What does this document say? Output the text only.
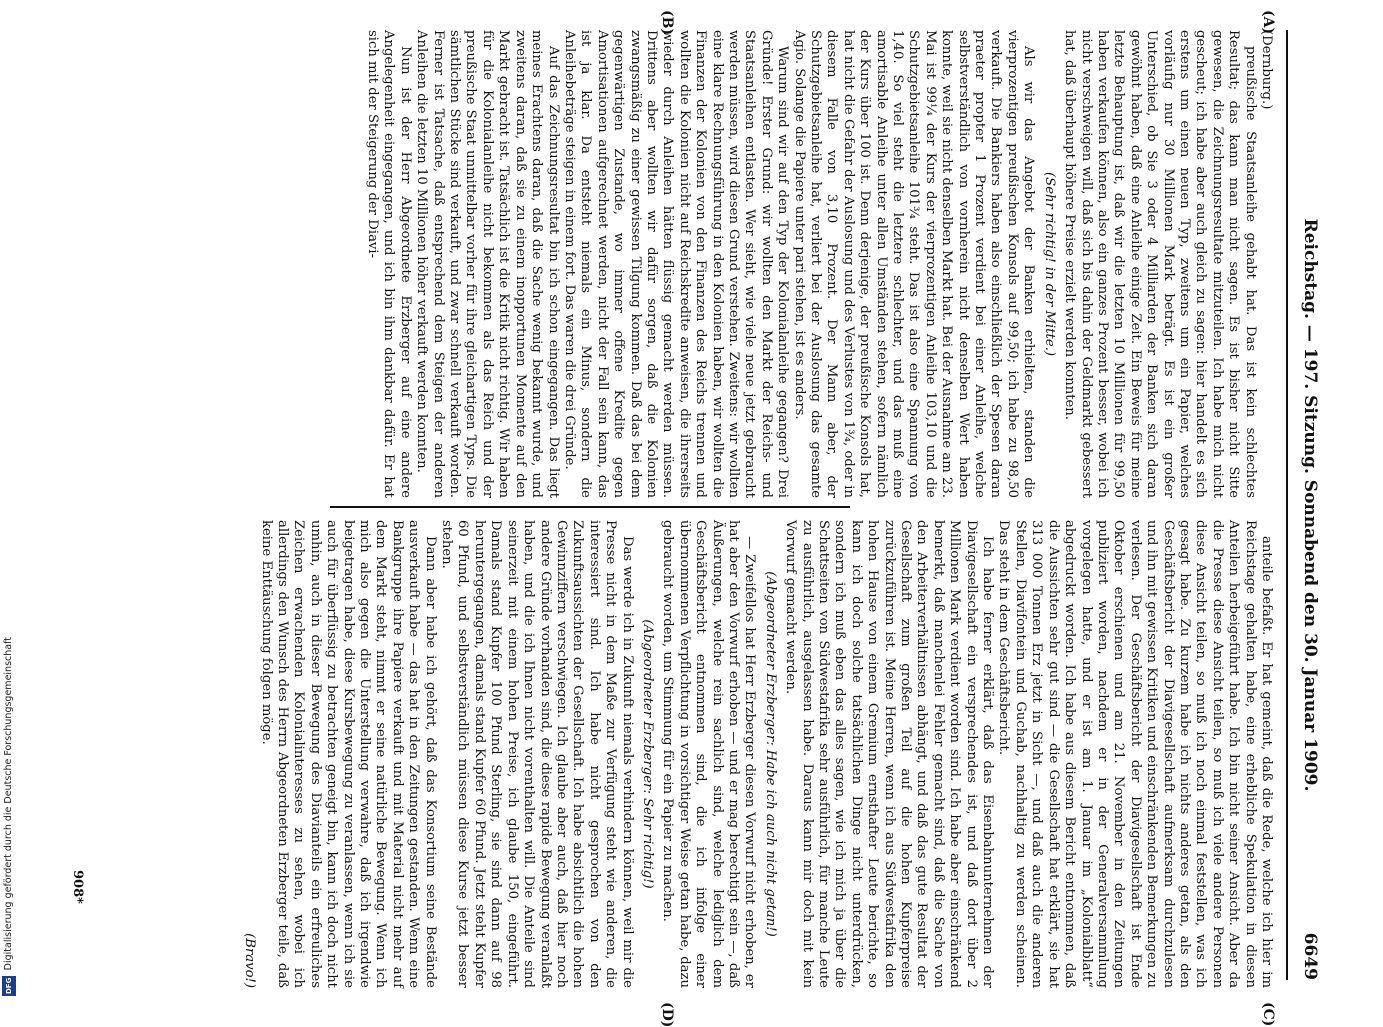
Digitalisierung gefördert durch die Deutsche Forschungsgemeinschaft
DFG
Reichstag. — 197. Sitzung. Sonnabend den 30. Januar 1909.
6649
(A)
(B)
(C)
(D)

(Dernburg.)

preußische Staatsanleihe gehabt hat. Das ist kein schlechtes Resultat; das kann man nicht sagen. Es ist bisher nicht Sitte gewesen, die Zeichnungsresultate mitzuteilen. Ich habe mich nicht gescheut; ich habe aber auch gleich zu sagen: hier handelt es sich erstens um einen neuen Typ, zweitens um ein Papier, welches vorläufig nur 30 Millionen Mark beträgt. Es ist ein großer Unterschied, ob Sie 3 oder 4 Milliarden der Banken sich daran gewöhnt haben, daß eine Anleihe einige Zeit. Ein Beweis für meine letzte Behauptung ist, daß wir die letzten 10 Millionen für 99,50 haben verkaufen können, also ein ganzes Prozent besser, wobei ich nicht verschweigen will, daß sich bis dahin der Geldmarkt gebessert hat, daß überhaupt höhere Preise erzielt werden konnten.

(Sehr richtig! in der Mitte.)

Als wir das Angebot der Banken erhielten, standen die vierprozentigen preußischen Konsols auf 99,50; ich habe zu 98,50 verkauft. Die Bankiers haben also einschließlich der Spesen daran praeter propter 1 Prozent verdient bei einer Anleihe, welche selbstverständlich von vornherein nicht denselben Wert haben konnte, weil sie nicht denselben Markt hat. Bei der Ausnahme am 23. Mai ist 99¼ der Kurs der vierprozentigen Anleihe 103,10 und die Schutzgebietsanleihe 101¾ steht. Das ist also eine Spannung von 1,40. So viel steht die letztere schlechter, und das muß eine amortisable Anleihe unter allen Umständen stehen, sofern nämlich der Kurs über 100 ist. Denn derjenige, der preußische Konsols hat, hat nicht die Gefahr der Auslosung und des Verlustes von 1¾, oder in diesem Falle von 3,10 Prozent. Der Mann aber, der Schutzgebietsanleihe hat, verliert bei der Auslosung das gesamte Agio. Solange die Papiere unter pari stehen, ist es anders.

Warum sind wir auf den Typ der Kolonialanleihe gegangen? Drei Gründe! Erster Grund: wir wollten den Markt der Reichs- und Staatsanleihen entlasten. Wer sieht, wie viele neue jetzt gebraucht werden müssen, wird diesen Grund verstehen. Zweitens: wir wollten eine klare Rechnungsführung in den Kolonien haben, wir wollten die Finanzen der Kolonien von den Finanzen des Reichs trennen und wollten die Kolonien nicht auf Reichskredite anweisen, die ihrerseits wieder durch Anleihen hätten flüssig gemacht werden müssen. Drittens aber wollten wir dafür sorgen, daß die Kolonien zwangsmäßig zu einer gewissen Tilgung kommen. Daß das bei dem gegenwärtigen Zustande, wo immer offene Kredite gegen Amortisationen aufgerechnet werden, nicht der Fall sein kann, das ist ja klar. Da entsteht niemals ein Minus, sondern die Anleihebeträge steigen in einem fort. Das waren die drei Gründe.

Auf das Zeichnungsresultat bin ich schon eingegangen. Das liegt meines Erachtens daran, daß die Sache wenig bekannt wurde, und zweitens daran, daß sie zu einem inopportunen Momente auf den Markt gebracht ist. Tatsächlich ist die Kritik nicht richtig. Wir haben für die Kolonialanleihe nicht bekommen als das Reich und der preußische Staat unmittelbar vorher für ihre gleichartigen Typs. Die sämtlichen Stücke sind verkauft, und zwar schnell verkauft worden. Ferner ist Tatsache, daß entsprechend dem Steigen der anderen Anleihen die letzten 10 Millionen höher verkauft werden konnten.

Nun ist der Herr Abgeordnete Erzberger auf eine andere Angelegenheit eingegangen, und ich bin ihm dankbar dafür. Er hat sich mit der Steigerung der Diavi-

anteile befaßt. Er hat gemeint, daß die Rede, welche ich hier im Reichstage gehalten habe, eine erhebliche Spekulation in diesen Anteilen herbeigeführt habe. Ich bin nicht seiner Ansicht. Aber da die Presse diese Ansicht teilen, so muß ich viele andere Personen diese Ansicht teilen, so muß ich noch einmal feststellen, was ich gesagt habe. Zu kurzem habe ich nichts anderes getan, als den Geschäftsbericht der Diavigesellschaft aufmerksam durchzulesen und ihn mit gewissen Kritiken und einschränkenden Bemerkungen zu verlesen. Der Geschäftsbericht der Diavigesellschaft ist Ende Oktober erschienen und am 21. November in den Zeitungen publiziert worden, nachdem er in der Generalversammlung vorgelegen hatte, und er ist am 1. Januar im „Kolonialblatt“ abgedruckt worden. Ich habe aus diesem Bericht entnommen, daß die Aussichten sehr gut sind — die Gesellschaft hat erklärt, sie hat 313 000 Tonnen Erz jetzt in Sicht —, und daß auch die anderen Stellen, Diavifontein und Guchab, nachhaltig zu werden scheinen. Das steht in dem Geschäftsbericht.

Ich habe ferner erklärt, daß das Eisenbahnunternehmen der Diavigesellschaft ein versprechendes ist, und daß dort über 2 Millionen Mark verdient worden sind. Ich habe aber einschränkend bemerkt, daß manchenlei Fehler gemacht sind, daß die Sache von den Arbeiterverhältnissen abhängt, und daß das gute Resultat der Gesellschaft zum großen Teil auf die hohen Kupferpreise zurückzuführen ist. Meine Herren, wenn ich aus Südwestafrika den hohen Hause von einem Gremium ernsthafter Leute berichte, so kann ich doch solche tatsächlichen Dinge nicht unterdrücken, sondern ich muß eben das alles sagen, wie ich mich ja über die Schattseiten von Südwestafrika sehr ausführlich, für manche Leute zu ausführlich, ausgelassen habe. Daraus kann mir doch mit kein Vorwurf gemacht werden.

(Abgeordneter Erzberger: Habe ich auch nicht getan!)

— Zweifellos hat Herr Erzberger diesen Vorwurf nicht erhoben, er hat aber den Vorwurf erhoben — und er mag berechtigt sein —, daß Äußerungen, welche rein sachlich sind, welche lediglich dem Geschäftsbericht entnommen sind, die ich infolge einer übernommenen Verpflichtung in vorsichtiger Weise getan habe, dazu gebraucht worden, um Stimmung für ein Papier zu machen.

(Abgeordneter Erzberger: Sehr richtig!)

Das werde ich in Zukunft niemals verhindern können, weil mir die Presse nicht in dem Maße zur Verfügung steht wie anderen, die interessiert sind. Ich habe nicht gesprochen von den Zukunftsaussichten der Gesellschaft. Ich habe absichtlich die hohen Gewinnziffern verschwiegen. Ich glaube aber auch, daß hier noch andere Gründe vorhanden sind, die diese rapide Bewegung veranlaßt haben, und die ich Ihnen nicht vorenthalten will. Die Anteile sind seinerzeit mit einem hohen Preise, ich glaube 150, eingeführt. Damals stand Kupfer 100 Pfund Sterling, sie sind dann auf 98 heruntergegangen, damals stand Kupfer 60 Pfund. Jetzt steht Kupfer 60 Pfund, und selbstverständlich müssen diese Kurse jetzt besser stehen.

Dann aber habe ich gehört, daß das Konsortium seine Bestände ausverkauft habe — das hat in den Zeitungen gestanden. Wenn eine Bankgruppe ihre Papiere verkauft und mit Material nicht mehr auf dem Markt steht, nimmt er seine natürliche Bewegung. Wenn ich mich also gegen die Unterstellung verwahre, daß ich irgendwie beigetragen habe, diese Kursbewegung zu veranlassen, wenn ich sie auch für überflüssig zu betrachten geneigt bin, kann ich doch nicht umhin, auch in dieser Bewegung des Diavianteils ein erfreuliches Zeichen erwachenden Kolonialinteresses zu sehen, wobei ich allerdings den Wunsch des Herrn Abgeordneten Erzberger teile, daß keine Enttäuschung folgen möge.

(Bravo!)

908*
